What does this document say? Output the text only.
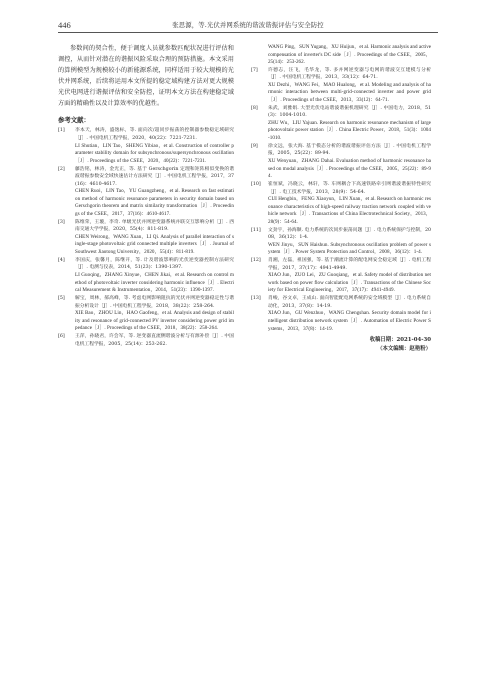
446	张思源，等.光伏并网系统的谐波谐振评估与安全防控

参数间的契合性，便于调度人员就参数匹配状况进行评估和调控，从而针对潜在的谐振风险采取合理的预防措施。本文采用的算例模型为规模较小的新能源系统，同样适用于较大规模的光伏并网系统，后续将运用本文所提的稳定域构建方法对更大规模光伏电网进行谐振评估和安全防控，证明本文方法在构建稳定域方面的精确性以及计算效率的优越性。

参考文献：
[1]	李本天，林涛，盛逸标，等. 面向次/超同步振荡的控制器参数稳定域研究［J］. 中国电机工程学报，2020，40(22)：7221-7231.
LI Shutian，LIN Tao，SHENG Yibiao，et al. Construction of controller parameter stability domain for subsynchronous/supersynchronous oscillation［J］. Proceedings of the CSEE，2020，40(22)：7221-7231.
[2]	藤浩铭，林涛，金光正，等. 基于 Gerschgorin 定理和矩阵相似变换的谐波谐振参数安全域快速估计方法研究［J］. 中国电机工程学报，2017，37(16)：4610-4617.
CHEN Ruoi，LIN Tao，YU Guangzheng，et al. Research on fast estimation method of harmonic resonance parameters in security domain based on Gerschgorin theorem and matrix similarity transformation［J］. Proceedings of the CSEE，2017，37(16)：4610-4617.
[3]	陈维荣，王璇，李奇. 单级光伏并网逆变器系统并联交互影响分析［J］. 西南交通大学学报，2020，55(4)：811-819.
CHEN Weirong，WANG Xuan，LI Qi. Analysis of parallel interaction of single-stage photovoltaic grid connected multiple inverters［J］. Journal of Southwest Jiaotong University，2020，55(4)：811-819.
[4]	李国庆，张馨月，陈继开，等. 计及谐波影响的光伏逆变器控制方法研究［J］. 电测与仪表，2014，51(23)：1390-1397.
LI Guoqing，ZHANG Xinyue，CHEN Jikai，et al. Research on control method of photovoltaic inverter considering harmonic influence［J］. Electrical Measurement & Instrumentation，2014，51(23)：1390-1397.
[5]	解宝，周林，郝高峰，等. 考虑电网影响阻抗的光伏并网逆变器稳定性与谐振分析设计［J］. 中国电机工程学报，2018，38(22)：258-264.
XIE Bao，ZHOU Lin，HAO Gaofeng，et al. Analysis and design of stability and resonance of grid-connected PV inverter considering power grid impedance［J］. Proceedings of the CSEE，2018，38(22)：258-264.
[6]	王萍，孙晓君，许会军，等. 逆变器直流侧谐波分析与有源补偿［J］. 中国电机工程学报，2005，25(14)：253-262.
WANG Ping，SUN Yugang，XU Huijun，et al. Harmonic analysis and active compensation of inverter's DC side［J］. Proceedings of the CSEE，2005，25(14)：253-262.
[7]	许德志，汪飞，毛华龙，等. 多并网逆变器与电网的谐波交互建模与分析［J］. 中国电机工程学报，2013，33(12)：64-71.
XU Dezhi，WANG Fei，MAO Hualong，et al. Modeling and analysis of harmonic interaction between multi-grid-connected inverter and power grid［J］. Proceedings of the CSEE，2013，33(12)：64-71.
[8]	朱武，刘雅娟. 大型光伏电站谐波谐振机理研究［J］. 中国电力，2018，51(3)：1004-1010.
ZHU Wu，LIU Yajuan. Research on harmonic resonance mechanism of large photovoltaic power station［J］. China Electric Power，2018，51(3)：1004-1010.
[9]	徐文远，张大海. 基于模态分析的谐波谐振评估方法［J］. 中国电机工程学报，2005，25(22)：89-94.
XU Wenyuan，ZHANG Dahai. Evaluation method of harmonic resonance based on modal analysis［J］. Proceedings of the CSEE，2005，25(22)：89-94.
[10]	崔恒斌，冯晓云，林轩，等. 车网耦合下高速铁路牵引网谐波谐振特性研究［J］. 电工技术学报，2013，28(9)：54-64.
CUI Hengbin，FENG Xiaoyun，LIN Xuan，et al. Research on harmonic resonance characteristics of high-speed railway traction network coupled with vehicle network［J］. Transactions of China Electrotechnical Society，2013，28(9)：54-64.
[11]	文劲宇，孙海顺. 电力系统的次同步振荡问题［J］. 电力系统保护与控制，2008，36(12)：1-4.
WEN Jinyu，SUN Haishun. Subsynchronous oscillation problem of power system［J］. Power System Protection and Control，2008，36(12)：1-4.
[12]	肖湘，左磊，祖国强，等. 基于潮流计算的配电网安全稳定域［J］. 电机工程学报，2017，37(17)：4941-4949.
XIAO Jun，ZUO Lei，ZU Guoqiang，et al. Safety model of distribution network based on power flow calculation［J］. Transactions of the Chinese Society for Electrical Engineering，2017，37(17)：4941-4949.
[13]	肖峻，谷文卓，王成山. 面向智能配电网系统的安全域模型［J］. 电力系统自动化，2013，37(8)：14-19.
XIAO Jun，GU Wenzhuo，WANG Chengshan. Security domain model for intelligent distribution network system［J］. Automation of Electric Power Systems，2013，37(8)：14-19.
收稿日期：2021-04-30
（本文编辑：赵艳粉）
